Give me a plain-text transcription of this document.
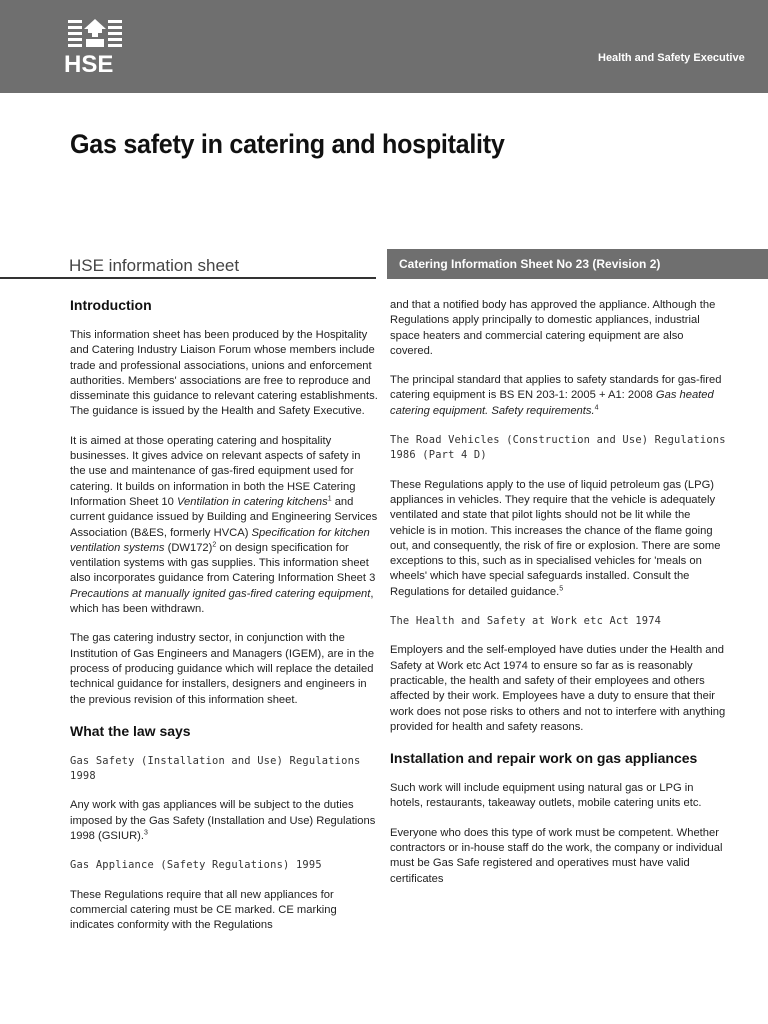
HSE	Health and Safety Executive
Gas safety in catering and hospitality
HSE information sheet	Catering Information Sheet No 23 (Revision 2)
Introduction

This information sheet has been produced by the Hospitality and Catering Industry Liaison Forum whose members include trade and professional associations, unions and enforcement authorities. Members' associations are free to reproduce and disseminate this guidance to relevant catering establishments. The guidance is issued by the Health and Safety Executive.

It is aimed at those operating catering and hospitality businesses. It gives advice on relevant aspects of safety in the use and maintenance of gas-fired equipment used for catering. It builds on information in both the HSE Catering Information Sheet 10 Ventilation in catering kitchens$^1$ and current guidance issued by Building and Engineering Services Association (B&ES, formerly HVCA) Specification for kitchen ventilation systems $(DW172)^2$ on design specification for ventilation systems with gas supplies. This information sheet also incorporates guidance from Catering Information Sheet 3 Precautions at manually ignited gas-fired catering equipment, which has been withdrawn.

The gas catering industry sector, in conjunction with the Institution of Gas Engineers and Managers (IGEM), are in the process of producing guidance which will replace the detailed technical guidance for installers, designers and engineers in the previous revision of this information sheet.

What the law says

Gas Safety (Installation and Use) Regulations 1998

Any work with gas appliances will be subject to the duties imposed by the Gas Safety (Installation and Use) Regulations 1998 (GSIUR).$^3$

Gas Appliance (Safety Regulations) 1995

These Regulations require that all new appliances for commercial catering must be CE marked. CE marking indicates conformity with the Regulations

and that a notified body has approved the appliance. Although the Regulations apply principally to domestic appliances, industrial space heaters and commercial catering equipment are also covered.

The principal standard that applies to safety standards for gas-fired catering equipment is BS EN 203-1: 2005 + A1: 2008 Gas heated catering equipment. Safety requirements.$^4$

The Road Vehicles (Construction and Use) Regulations 1986 (Part 4 D)

These Regulations apply to the use of liquid petroleum gas (LPG) appliances in vehicles. They require that the vehicle is adequately ventilated and state that pilot lights should not be lit while the vehicle is in motion. This increases the chance of the flame going out, and consequently, the risk of fire or explosion. There are some exceptions to this, such as in specialised vehicles for 'meals on wheels' which have special safeguards installed. Consult the Regulations for detailed guidance.$^5$

The Health and Safety at Work etc Act 1974

Employers and the self-employed have duties under the Health and Safety at Work etc Act 1974 to ensure so far as is reasonably practicable, the health and safety of their employees and others affected by their work. Employees have a duty to ensure that their work does not pose risks to others and not to interfere with anything provided for health and safety reasons.

Installation and repair work on gas appliances

Such work will include equipment using natural gas or LPG in hotels, restaurants, takeaway outlets, mobile catering units etc.

Everyone who does this type of work must be competent. Whether contractors or in-house staff do the work, the company or individual must be Gas Safe registered and operatives must have valid certificates
